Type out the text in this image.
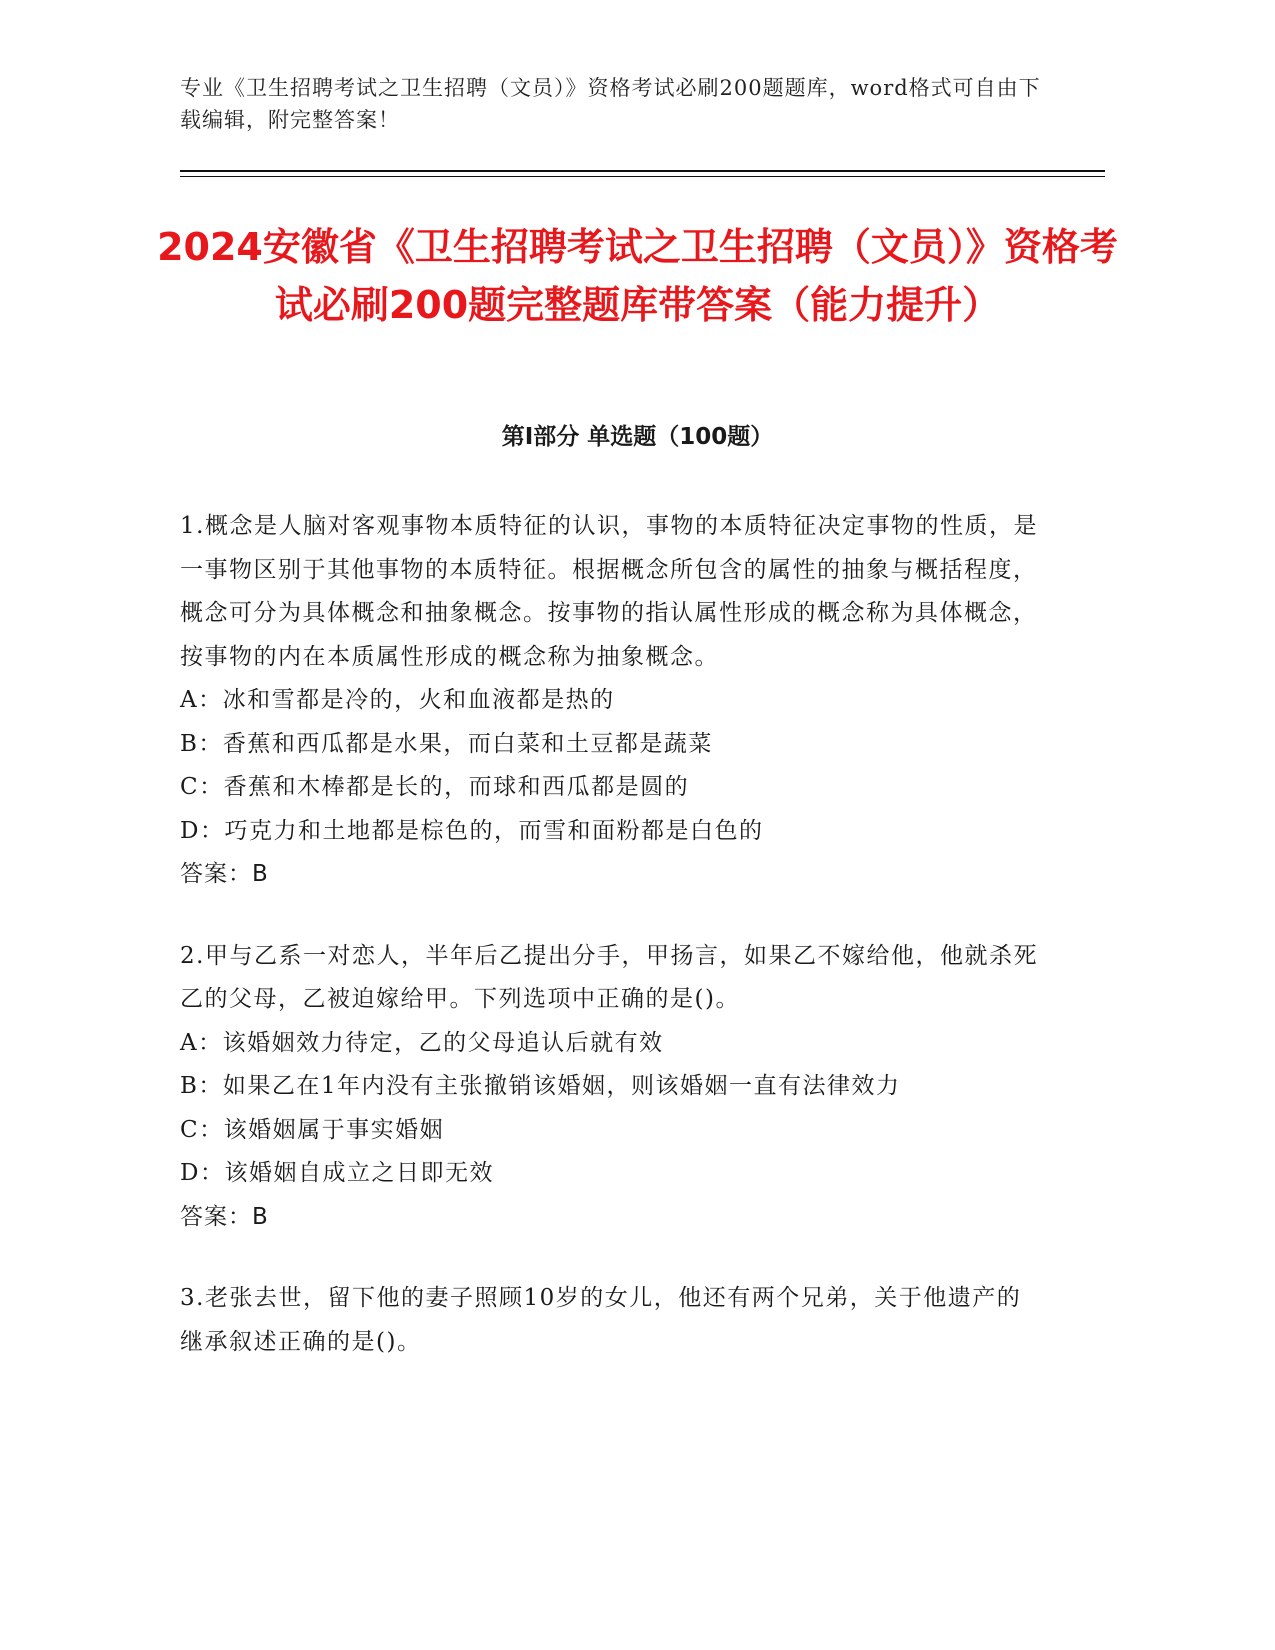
专业《卫生招聘考试之卫生招聘（文员）》资格考试必刷200题题库，word格式可自由下载编辑，附完整答案！
2024安徽省《卫生招聘考试之卫生招聘（文员）》资格考试必刷200题完整题库带答案（能力提升）
第Ⅰ部分 单选题（100题）
1.概念是人脑对客观事物本质特征的认识，事物的本质特征决定事物的性质，是一事物区别于其他事物的本质特征。根据概念所包含的属性的抽象与概括程度，概念可分为具体概念和抽象概念。按事物的指认属性形成的概念称为具体概念，按事物的内在本质属性形成的概念称为抽象概念。
A：冰和雪都是冷的，火和血液都是热的
B：香蕉和西瓜都是水果，而白菜和土豆都是蔬菜
C：香蕉和木棒都是长的，而球和西瓜都是圆的
D：巧克力和土地都是棕色的，而雪和面粉都是白色的
答案：B
2.甲与乙系一对恋人，半年后乙提出分手，甲扬言，如果乙不嫁给他，他就杀死乙的父母，乙被迫嫁给甲。下列选项中正确的是()。
A：该婚姻效力待定，乙的父母追认后就有效
B：如果乙在1年内没有主张撤销该婚姻，则该婚姻一直有法律效力
C：该婚姻属于事实婚姻
D：该婚姻自成立之日即无效
答案：B
3.老张去世，留下他的妻子照顾10岁的女儿，他还有两个兄弟，关于他遗产的继承叙述正确的是()。
